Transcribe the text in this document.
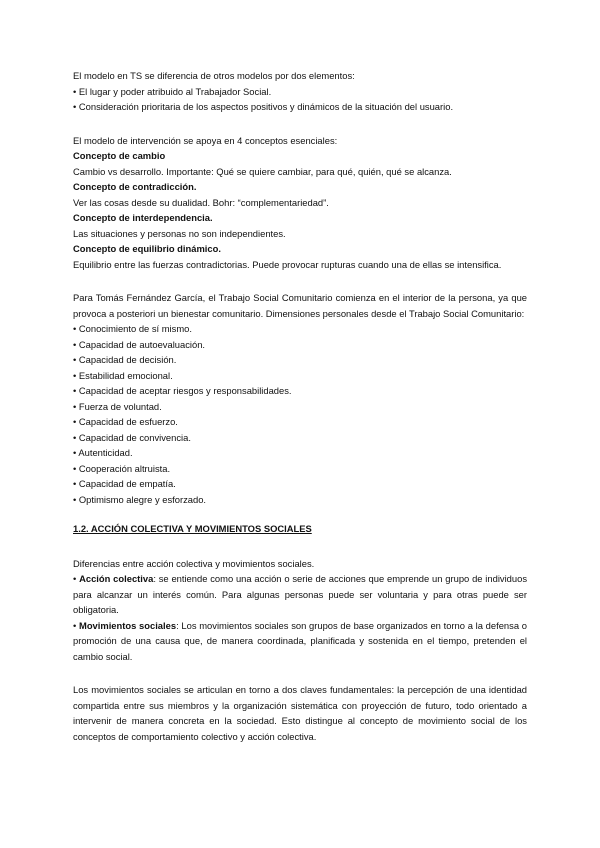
El modelo en TS se diferencia de otros modelos por dos elementos:

• El lugar y poder atribuido al Trabajador Social.

• Consideración prioritaria de los aspectos positivos y dinámicos de la situación del usuario.

El modelo de intervención se apoya en 4 conceptos esenciales:

Concepto de cambio

Cambio vs desarrollo. Importante: Qué se quiere cambiar, para qué, quién, qué se alcanza.

Concepto de contradicción.

Ver las cosas desde su dualidad. Bohr: “complementariedad”.

Concepto de interdependencia.

Las situaciones y personas no son independientes.

Concepto de equilibrio dinámico.

Equilibrio entre las fuerzas contradictorias. Puede provocar rupturas cuando una de ellas se intensifica.

Para Tomás Fernández García, el Trabajo Social Comunitario comienza en el interior de la persona, ya que provoca a posteriori un bienestar comunitario. Dimensiones personales desde el Trabajo Social Comunitario:

• Conocimiento de sí mismo.

• Capacidad de autoevaluación.

• Capacidad de decisión.

• Estabilidad emocional.

• Capacidad de aceptar riesgos y responsabilidades.

• Fuerza de voluntad.

• Capacidad de esfuerzo.

• Capacidad de convivencia.

• Autenticidad.

• Cooperación altruista.

• Capacidad de empatía.

• Optimismo alegre y esforzado.

1.2. ACCIÓN COLECTIVA Y MOVIMIENTOS SOCIALES

Diferencias entre acción colectiva y movimientos sociales.

• Acción colectiva: se entiende como una acción o serie de acciones que emprende un grupo de individuos para alcanzar un interés común. Para algunas personas puede ser voluntaria y para otras puede ser obligatoria.

• Movimientos sociales: Los movimientos sociales son grupos de base organizados en torno a la defensa o promoción de una causa que, de manera coordinada, planificada y sostenida en el tiempo, pretenden el cambio social.

Los movimientos sociales se articulan en torno a dos claves fundamentales: la percepción de una identidad compartida entre sus miembros y la organización sistemática con proyección de futuro, todo orientado a intervenir de manera concreta en la sociedad. Esto distingue al concepto de movimiento social de los conceptos de comportamiento colectivo y acción colectiva.
